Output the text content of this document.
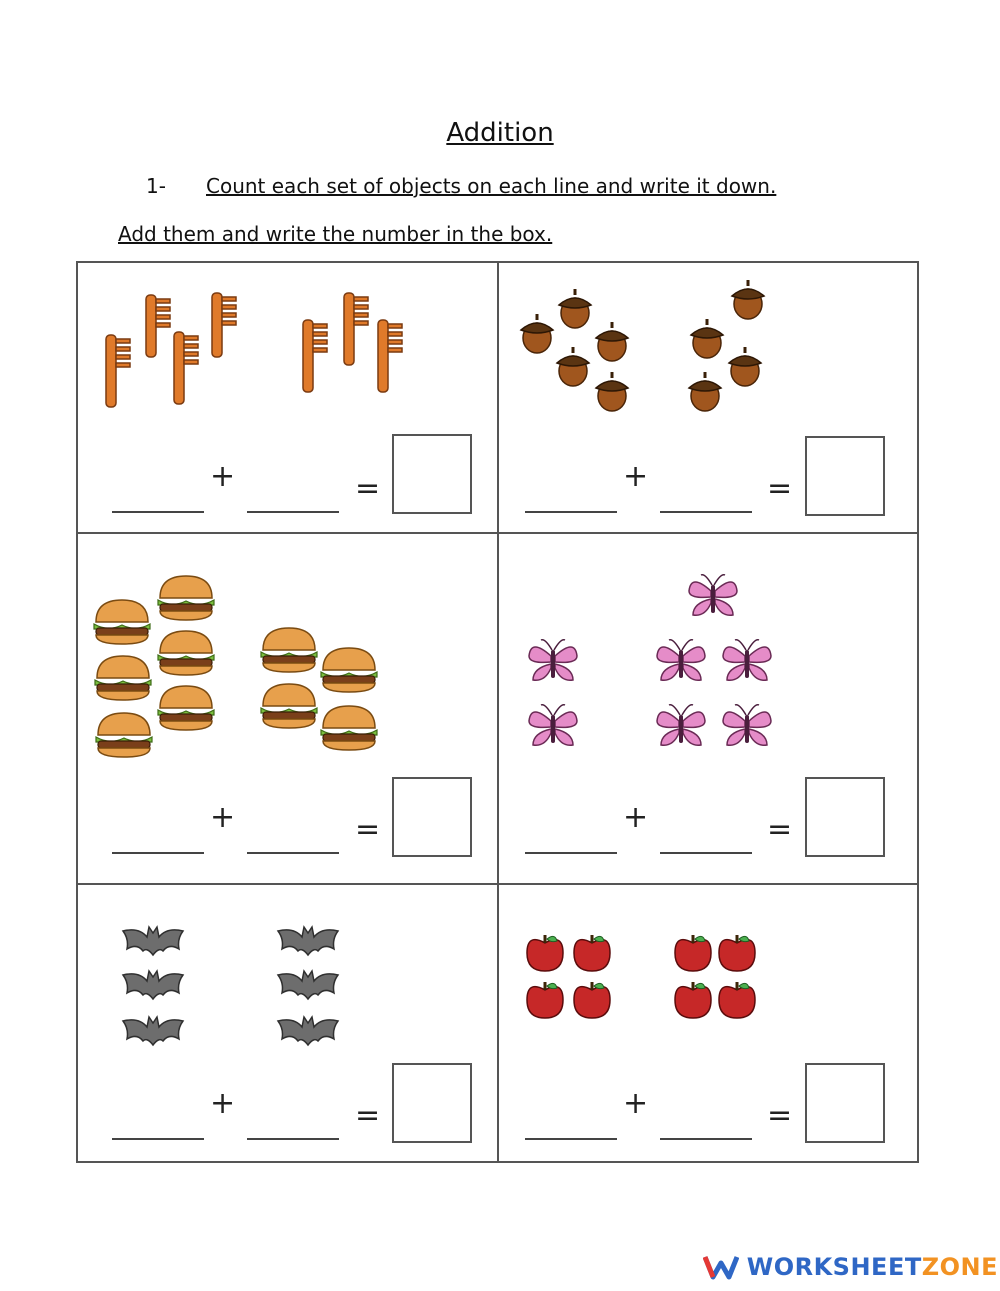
Addition
1- Count each set of objects on each line and write it down.
Add them and write the number in the box.
+	=	+	=
+	=	+	=
+	=	+	=
WORKSHEET ZONE
